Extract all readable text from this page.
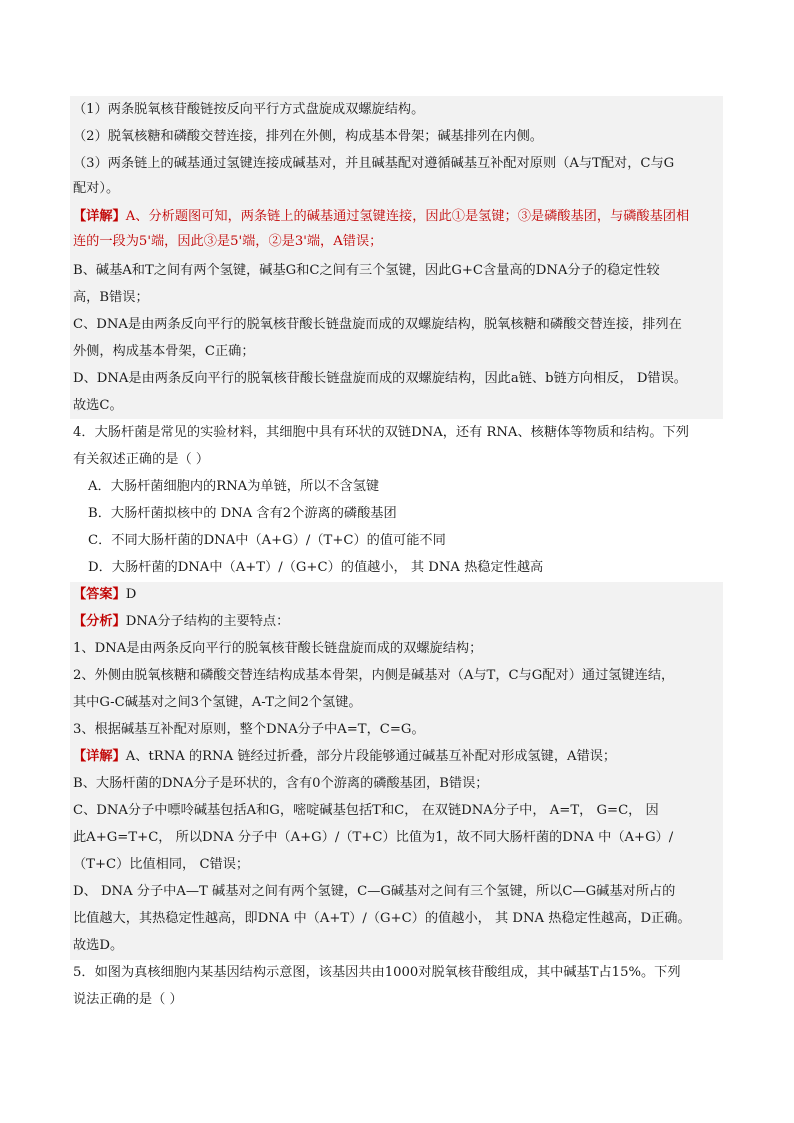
（1）两条脱氧核苷酸链按反向平行方式盘旋成双螺旋结构。
（2）脱氧核糖和磷酸交替连接，排列在外侧，构成基本骨架；碱基排列在内侧。
（3）两条链上的碱基通过氢键连接成碱基对，并且碱基配对遵循碱基互补配对原则（A与T配对，C与G
配对）。
【详解】A、分析题图可知，两条链上的碱基通过氢键连接，因此①是氢键；③是磷酸基团，与磷酸基团相
连的一段为5'端，因此③是5'端，②是3'端，A错误；
B、碱基A和T之间有两个氢键，碱基G和C之间有三个氢键，因此G+C含量高的DNA分子的稳定性较
高，B错误；
C、DNA是由两条反向平行的脱氧核苷酸长链盘旋而成的双螺旋结构，脱氧核糖和磷酸交替连接，排列在
外侧，构成基本骨架，C正确；
D、DNA是由两条反向平行的脱氧核苷酸长链盘旋而成的双螺旋结构，因此a链、b链方向相反， D错误。
故选C。
4．大肠杆菌是常见的实验材料，其细胞中具有环状的双链DNA，还有 RNA、核糖体等物质和结构。下列
有关叙述正确的是（ ）
A．大肠杆菌细胞内的RNA为单链，所以不含氢键
B．大肠杆菌拟核中的 DNA 含有2个游离的磷酸基团
C．不同大肠杆菌的DNA中（A+G）/（T+C）的值可能不同
D．大肠杆菌的DNA中（A+T）/（G+C）的值越小， 其 DNA 热稳定性越高
【答案】D
【分析】DNA分子结构的主要特点：
1、DNA是由两条反向平行的脱氧核苷酸长链盘旋而成的双螺旋结构；
2、外侧由脱氧核糖和磷酸交替连结构成基本骨架，内侧是碱基对（A与T，C与G配对）通过氢键连结，
其中G-C碱基对之间3个氢键，A-T之间2个氢键。
3、根据碱基互补配对原则，整个DNA分子中A=T，C=G。
【详解】A、tRNA 的RNA 链经过折叠，部分片段能够通过碱基互补配对形成氢键，A错误；
B、大肠杆菌的DNA分子是环状的，含有0个游离的磷酸基团，B错误；
C、DNA分子中嘌呤碱基包括A和G，嘧啶碱基包括T和C， 在双链DNA分子中， A=T， G=C， 因
此A+G=T+C， 所以DNA 分子中（A+G）/（T+C）比值为1，故不同大肠杆菌的DNA 中（A+G）/
（T+C）比值相同， C错误；
D、 DNA 分子中A—T 碱基对之间有两个氢键，C—G碱基对之间有三个氢键，所以C—G碱基对所占的
比值越大，其热稳定性越高，即DNA 中（A+T）/（G+C）的值越小， 其 DNA 热稳定性越高，D正确。
故选D。
5．如图为真核细胞内某基因结构示意图，该基因共由1000对脱氧核苷酸组成，其中碱基T占15%。下列
说法正确的是（ ）
